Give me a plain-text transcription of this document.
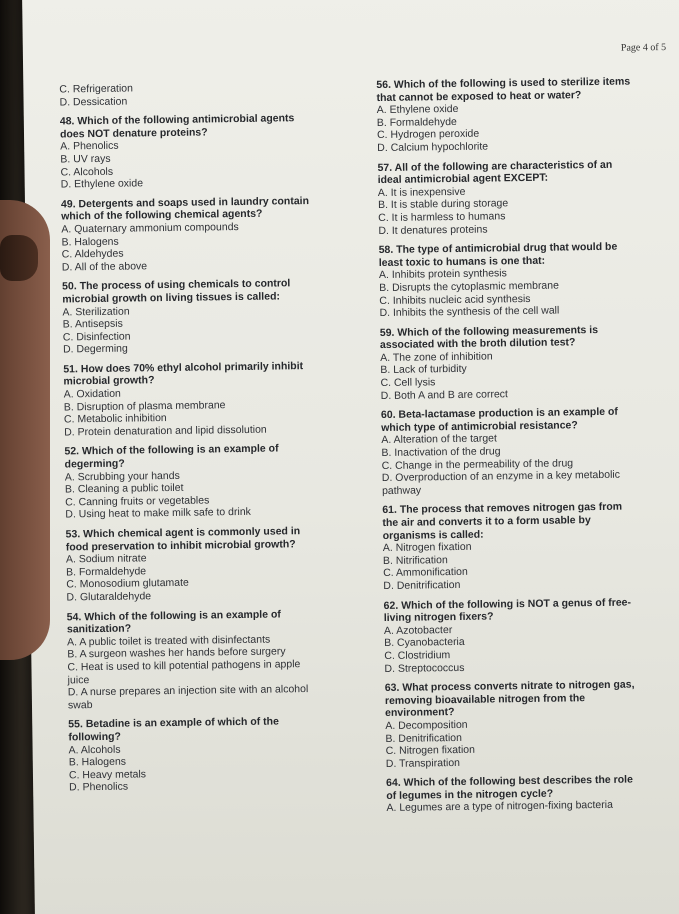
Page 4 of 5
C. Refrigeration
D. Dessication
48. Which of the following antimicrobial agents
does NOT denature proteins?
A. Phenolics
B. UV rays
C. Alcohols
D. Ethylene oxide
49. Detergents and soaps used in laundry contain
which of the following chemical agents?
A. Quaternary ammonium compounds
B. Halogens
C. Aldehydes
D. All of the above
50. The process of using chemicals to control
microbial growth on living tissues is called:
A. Sterilization
B. Antisepsis
C. Disinfection
D. Degerming
51. How does 70% ethyl alcohol primarily inhibit
microbial growth?
A. Oxidation
B. Disruption of plasma membrane
C. Metabolic inhibition
D. Protein denaturation and lipid dissolution
52. Which of the following is an example of
degerming?
A. Scrubbing your hands
B. Cleaning a public toilet
C. Canning fruits or vegetables
D. Using heat to make milk safe to drink
53. Which chemical agent is commonly used in
food preservation to inhibit microbial growth?
A. Sodium nitrate
B. Formaldehyde
C. Monosodium glutamate
D. Glutaraldehyde
54. Which of the following is an example of
sanitization?
A. A public toilet is treated with disinfectants
B. A surgeon washes her hands before surgery
C. Heat is used to kill potential pathogens in apple
juice
D. A nurse prepares an injection site with an alcohol
swab
55. Betadine is an example of which of the
following?
A. Alcohols
B. Halogens
C. Heavy metals
D. Phenolics
56. Which of the following is used to sterilize items
that cannot be exposed to heat or water?
A. Ethylene oxide
B. Formaldehyde
C. Hydrogen peroxide
D. Calcium hypochlorite
57. All of the following are characteristics of an
ideal antimicrobial agent EXCEPT:
A. It is inexpensive
B. It is stable during storage
C. It is harmless to humans
D. It denatures proteins
58. The type of antimicrobial drug that would be
least toxic to humans is one that:
A. Inhibits protein synthesis
B. Disrupts the cytoplasmic membrane
C. Inhibits nucleic acid synthesis
D. Inhibits the synthesis of the cell wall
59. Which of the following measurements is
associated with the broth dilution test?
A. The zone of inhibition
B. Lack of turbidity
C. Cell lysis
D. Both A and B are correct
60. Beta-lactamase production is an example of
which type of antimicrobial resistance?
A. Alteration of the target
B. Inactivation of the drug
C. Change in the permeability of the drug
D. Overproduction of an enzyme in a key metabolic
pathway
61. The process that removes nitrogen gas from
the air and converts it to a form usable by
organisms is called:
A. Nitrogen fixation
B. Nitrification
C. Ammonification
D. Denitrification
62. Which of the following is NOT a genus of free-
living nitrogen fixers?
A. Azotobacter
B. Cyanobacteria
C. Clostridium
D. Streptococcus
63. What process converts nitrate to nitrogen gas,
removing bioavailable nitrogen from the
environment?
A. Decomposition
B. Denitrification
C. Nitrogen fixation
D. Transpiration
64. Which of the following best describes the role
of legumes in the nitrogen cycle?
A. Legumes are a type of nitrogen-fixing bacteria
